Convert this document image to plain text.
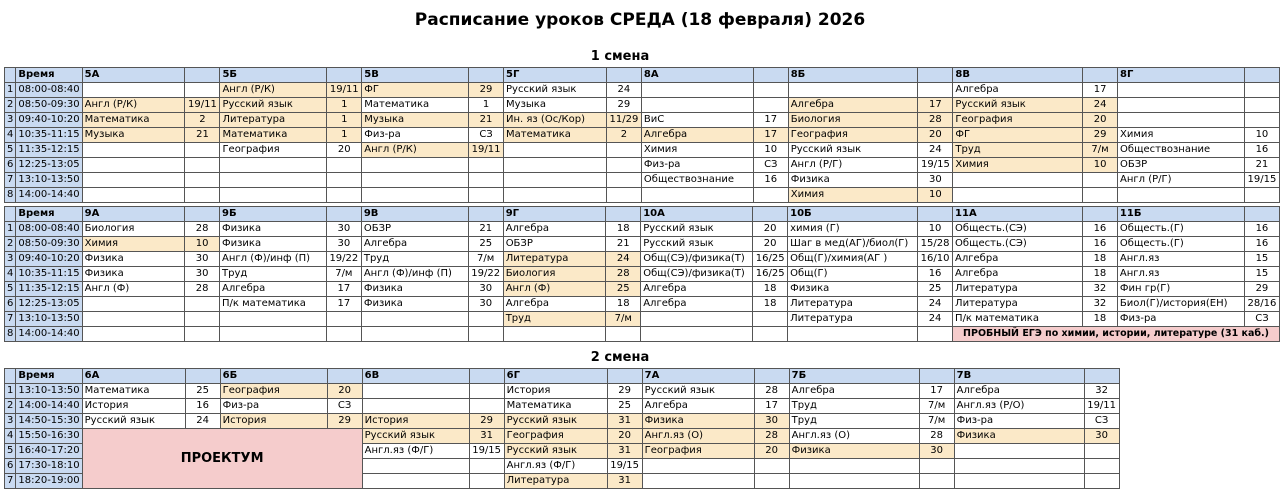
Расписание уроков СРЕДА (18 февраля) 2026
1 смена
	Время	5А		5Б		5В		5Г		8А		8Б		8В		8Г	
1	08:00-08:40			Англ (Р/К)	19/11	ФГ	29	Русский язык	24					Алгебра	17		
2	08:50-09:30	Англ (Р/К)	19/11	Русский язык	1	Математика	1	Музыка	29			Алгебра	17	Русский язык	24		
3	09:40-10:20	Математика	2	Литература	1	Музыка	21	Ин. яз (Ос/Кор)	11/29	ВиС	17	Биология	28	География	20		
4	10:35-11:15	Музыка	21	Математика	1	Физ-ра	СЗ	Математика	2	Алгебра	17	География	20	ФГ	29	Химия	10
5	11:35-12:15			География	20	Англ (Р/К)	19/11			Химия	10	Русский язык	24	Труд	7/м	Обществознание	16
6	12:25-13:05									Физ-ра	СЗ	Англ (Р/Г)	19/15	Химия	10	ОБЗР	21
7	13:10-13:50									Обществознание	16	Физика	30			Англ (Р/Г)	19/15
8	14:00-14:40											Химия	10				
	Время	9А		9Б		9В		9Г		10А		10Б		11А		11Б	
1	08:00-08:40	Биология	28	Физика	30	ОБЗР	21	Алгебра	18	Русский язык	20	химия (Г)	10	Общесть.(СЭ)	16	Общесть.(Г)	16
2	08:50-09:30	Химия	10	Физика	30	Алгебра	25	ОБЗР	21	Русский язык	20	Шаг в мед(АГ)/биол(Г)	15/28	Общесть.(СЭ)	16	Общесть.(Г)	16
3	09:40-10:20	Физика	30	Англ (Ф)/инф (П)	19/22	Труд	7/м	Литература	24	Общ(СЭ)/физика(Т)	16/25	Общ(Г)/химия(АГ )	16/10	Алгебра	18	Англ.яз	15
4	10:35-11:15	Физика	30	Труд	7/м	Англ (Ф)/инф (П)	19/22	Биология	28	Общ(СЭ)/физика(Т)	16/25	Общ(Г)	16	Алгебра	18	Англ.яз	15
5	11:35-12:15	Англ (Ф)	28	Алгебра	17	Физика	30	Англ (Ф)	25	Алгебра	18	Физика	25	Литература	32	Фин гр(Г)	29
6	12:25-13:05			П/к математика	17	Физика	30	Алгебра	18	Алгебра	18	Литература	24	Литература	32	Биол(Г)/история(ЕН)	28/16
7	13:10-13:50							Труд	7/м			Литература	24	П/к математика	18	Физ-ра	СЗ
8	14:00-14:40													ПРОБНЫЙ ЕГЭ по химии, истории, литературе (31 каб.)			
2 смена
	Время	6А		6Б		6В		6Г		7А		7Б		7В	
1	13:10-13:50	Математика	25	География	20			История	29	Русский язык	28	Алгебра	17	Алгебра	32
2	14:00-14:40	История	16	Физ-ра	СЗ			Математика	25	Алгебра	17	Труд	7/м	Англ.яз (Р/О)	19/11
3	14:50-15:30	Русский язык	24	История	29	История	29	Русский язык	31	Физика	30	Труд	7/м	Физ-ра	СЗ
4	15:50-16:30	ПРОЕКТУМ				Русский язык	31	География	20	Англ.яз (О)	28	Англ.яз (О)	28	Физика	30
5	16:40-17:20					Англ.яз (Ф/Г)	19/15	Русский язык	31	География	20	Физика	30		
6	17:30-18:10							Англ.яз (Ф/Г)	19/15						
7	18:20-19:00							Литература	31						
